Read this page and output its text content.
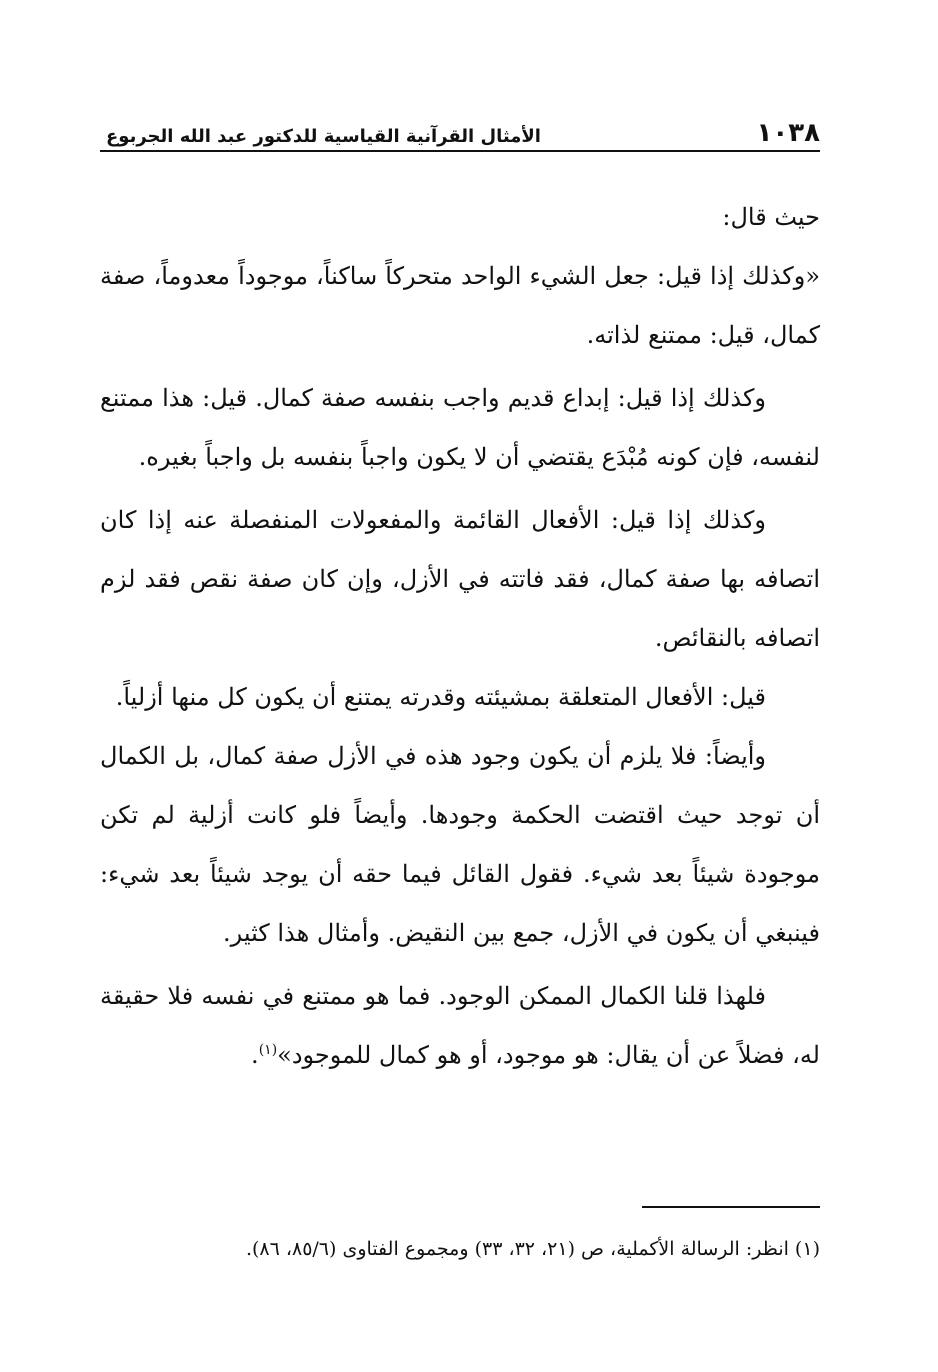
١٠٣٨
الأمثال القرآنية القياسية للدكتور عبد الله الجربوع

حيث قال:

«وكذلك إذا قيل: جعل الشيء الواحد متحركاً ساكناً، موجوداً معدوماً، صفة كمال، قيل: ممتنع لذاته.

وكذلك إذا قيل: إبداع قديم واجب بنفسه صفة كمال. قيل: هذا ممتنع لنفسه، فإن كونه مُبْدَع يقتضي أن لا يكون واجباً بنفسه بل واجباً بغيره.

وكذلك إذا قيل: الأفعال القائمة والمفعولات المنفصلة عنه إذا كان اتصافه بها صفة كمال، فقد فاتته في الأزل، وإن كان صفة نقص فقد لزم اتصافه بالنقائص.

قيل: الأفعال المتعلقة بمشيئته وقدرته يمتنع أن يكون كل منها أزلياً.

وأيضاً: فلا يلزم أن يكون وجود هذه في الأزل صفة كمال، بل الكمال أن توجد حيث اقتضت الحكمة وجودها. وأيضاً فلو كانت أزلية لم تكن موجودة شيئاً بعد شيء. فقول القائل فيما حقه أن يوجد شيئاً بعد شيء: فينبغي أن يكون في الأزل، جمع بين النقيض. وأمثال هذا كثير.

فلهذا قلنا الكمال الممكن الوجود. فما هو ممتنع في نفسه فلا حقيقة له، فضلاً عن أن يقال: هو موجود، أو هو كمال للموجود»$^{(١)}$.

(١) انظر: الرسالة الأكملية، ص (٢١، ٣٢، ٣٣) ومجموع الفتاوى (٨٥/٦، ٨٦).
